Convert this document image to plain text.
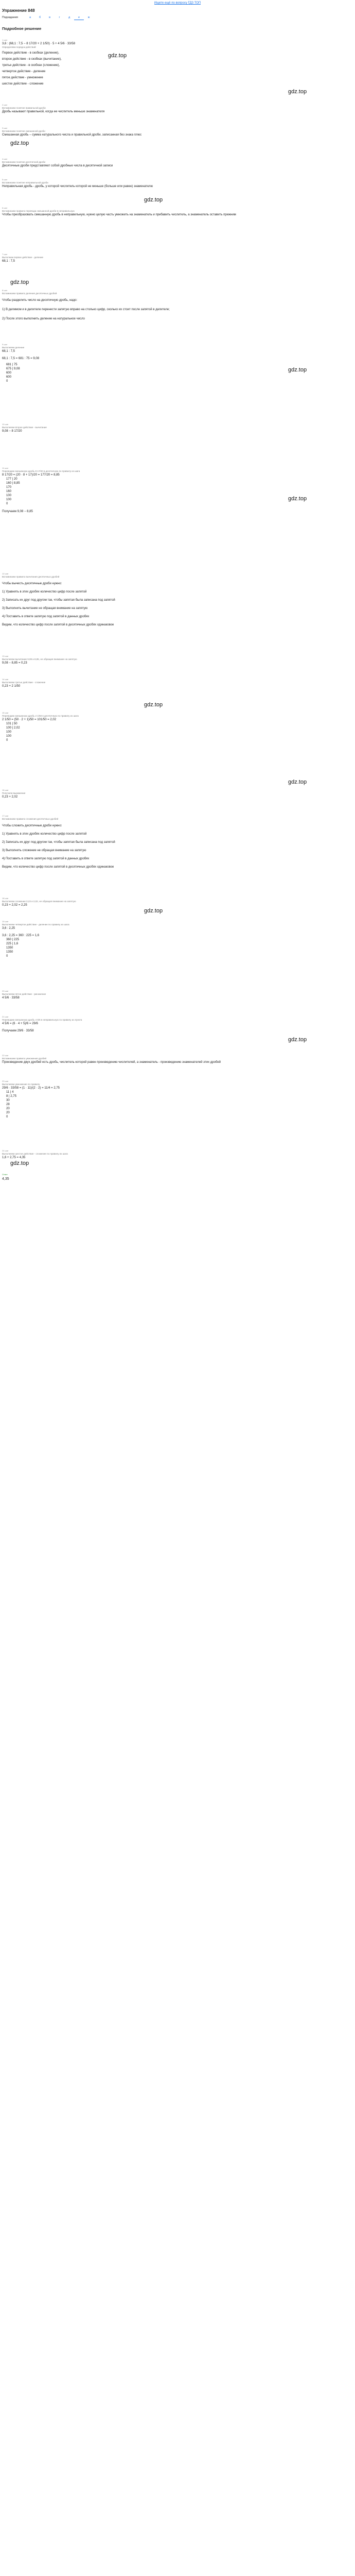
Ищете ещё по вопросу ГДЗ ТОП
Упражнение 848
Подзадания	а	б	в	г	д	е	ж
Подробное решение
1 шаг
3,6 : (68,1 : 7,5 − 8 17/20 + 2 1/50) · 5 + 4 5/6 · 33/58
Определяем порядок действий:
Первое действие - в скобках (деление),
второе действие - в скобках (вычитание),
третье действие - в скобках (сложение),
четвертое действие - деление
пятое действие - умножение
шестое действие - сложение
2 шаг
Вспоминаем понятие правильной дроби
Дробь называют правильной, когда ее числитель меньше знаменателя
3 шаг
Вспоминаем понятие смешанной дроби
Смешанная дробь – сумма натурального числа и правильной дроби, записанная без знака плюс
4 шаг
Вспоминаем понятие десятичной дроби
Десятичные дроби представляют собой дробные числа в десятичной записи
5 шаг
Вспоминаем понятие неправильной дроби
Неправильная дробь - дробь, у которой числитель которой не меньше (больше или равен) знаменателю
6 шаг
Вспоминаем правило перевода смешанной дроби в неправильную
Чтобы преобразовать смешанную дробь в неправильную, нужно целую часть умножить на знаменатель и прибавить числитель, а знаменатель оставить прежним
7 шаг
Выполним первое действие - деление
68,1 : 7,5
8 шаг
Вспоминаем правило деления десятичных дробей
Чтобы разделить число на десятичную дробь, надо:
1) В делимом и в делителе перенести запятую вправо на столько цифр, сколько их стоит после запятой в делителе;
2) После этого выполнить деление на натуральное число
9 шаг
Выполняем деление
68,1 : 7,5
68,1 : 7,5 = 681 : 75 = 9,08
681 | 75
675 | 9,08
600
600
0
10 шаг
Выполняем второе действие - вычитание
9,08 − 8 17/20
11 шаг
Переводим смешанную дробь 8 17/20 в десятичную по правилу из шага
8 17/20 = (20 · 8 + 17)/20 = 177/20 = 8,85
177 | 20
160 | 8,85
170
160
100
100
0
Получаем 9,08 − 8,85
12 шаг
Вспоминаем правило вычитания десятичных дробей
Чтобы вычесть десятичные дроби нужно:
1) Уравнять в этих дробях количество цифр после запятой
2) Записать их друг под другом так, чтобы запятая была записана под запятой
3) Выполнить вычитание не обращая внимание на запятую
4) Поставить в ответе запятую под запятой в данных дробях
Видим, что количество цифр после запятой в десятичных дробях одинаковое
13 шаг
Выполняем вычитание 9,08 и 8,85, не обращая внимание на запятую
9,08 − 8,85 = 0,23
14 шаг
Выполняем третье действие - сложение
0,23 + 2 1/50
15 шаг
Переводим смешанную дробь 2 1/50 в десятичную по правилу из шага
2 1/50 = (50 · 2 + 1)/50 = 101/50 = 2,02
101 | 50
100 | 2,02
100
100
0
16 шаг
Получили выражение
0,23 + 2,02
17 шаг
Вспоминаем правило сложения десятичных дробей
Чтобы сложить десятичные дроби нужно:
1) Уравнять в этих дробях количество цифр после запятой
2) Записать их друг под другом так, чтобы запятая была записана под запятой
3) Выполнить сложение не обращая внимание на запятую
4) Поставить в ответе запятую под запятой в данных дробях
Видим, что количество цифр после запятой в десятичных дробях одинаковое
18 шаг
Выполняем сложение 0,23 и 2,02, не обращая внимание на запятую
0,23 + 2,02 = 2,25
19 шаг
Выполняем четвертое действие - деление по правилу из шага
3,6 : 2,25
3,6 : 2,25 = 360 : 225 = 1,6
360 | 225
225 | 1,6
1350
1350
0
20 шаг
Выполняем пятое действие - умножение
4 5/6 · 33/58
21 шаг
Переводим смешанную дробь 4 5/6 в неправильную по правилу из пункта
4 5/6 = (6 · 4 + 5)/6 = 29/6
Получаем 29/6 · 33/58
22 шаг
Вспоминаем правило умножения дробей
Произведение двух дробей есть дробь, числитель которой равен произведению числителей, а знаменатель - произведению знаменателей этих дробей
23 шаг
Выполняем умножение по правилу
29/6 · 33/58 = (1 · 11)/(2 · 2) = 11/4 = 2,75
11 | 4
8 | 2,75
30
28
20
20
0
24 шаг
Выполняем шестое действие - сложение по правилу из шага
1,6 + 2,75 = 4,35
Ответ
4,35
gdz.top
gdz.top
gdz.top
gdz.top
gdz.top
gdz.top
gdz.top
gdz.top
gdz.top
gdz.top
gdz.top
gdz.top
